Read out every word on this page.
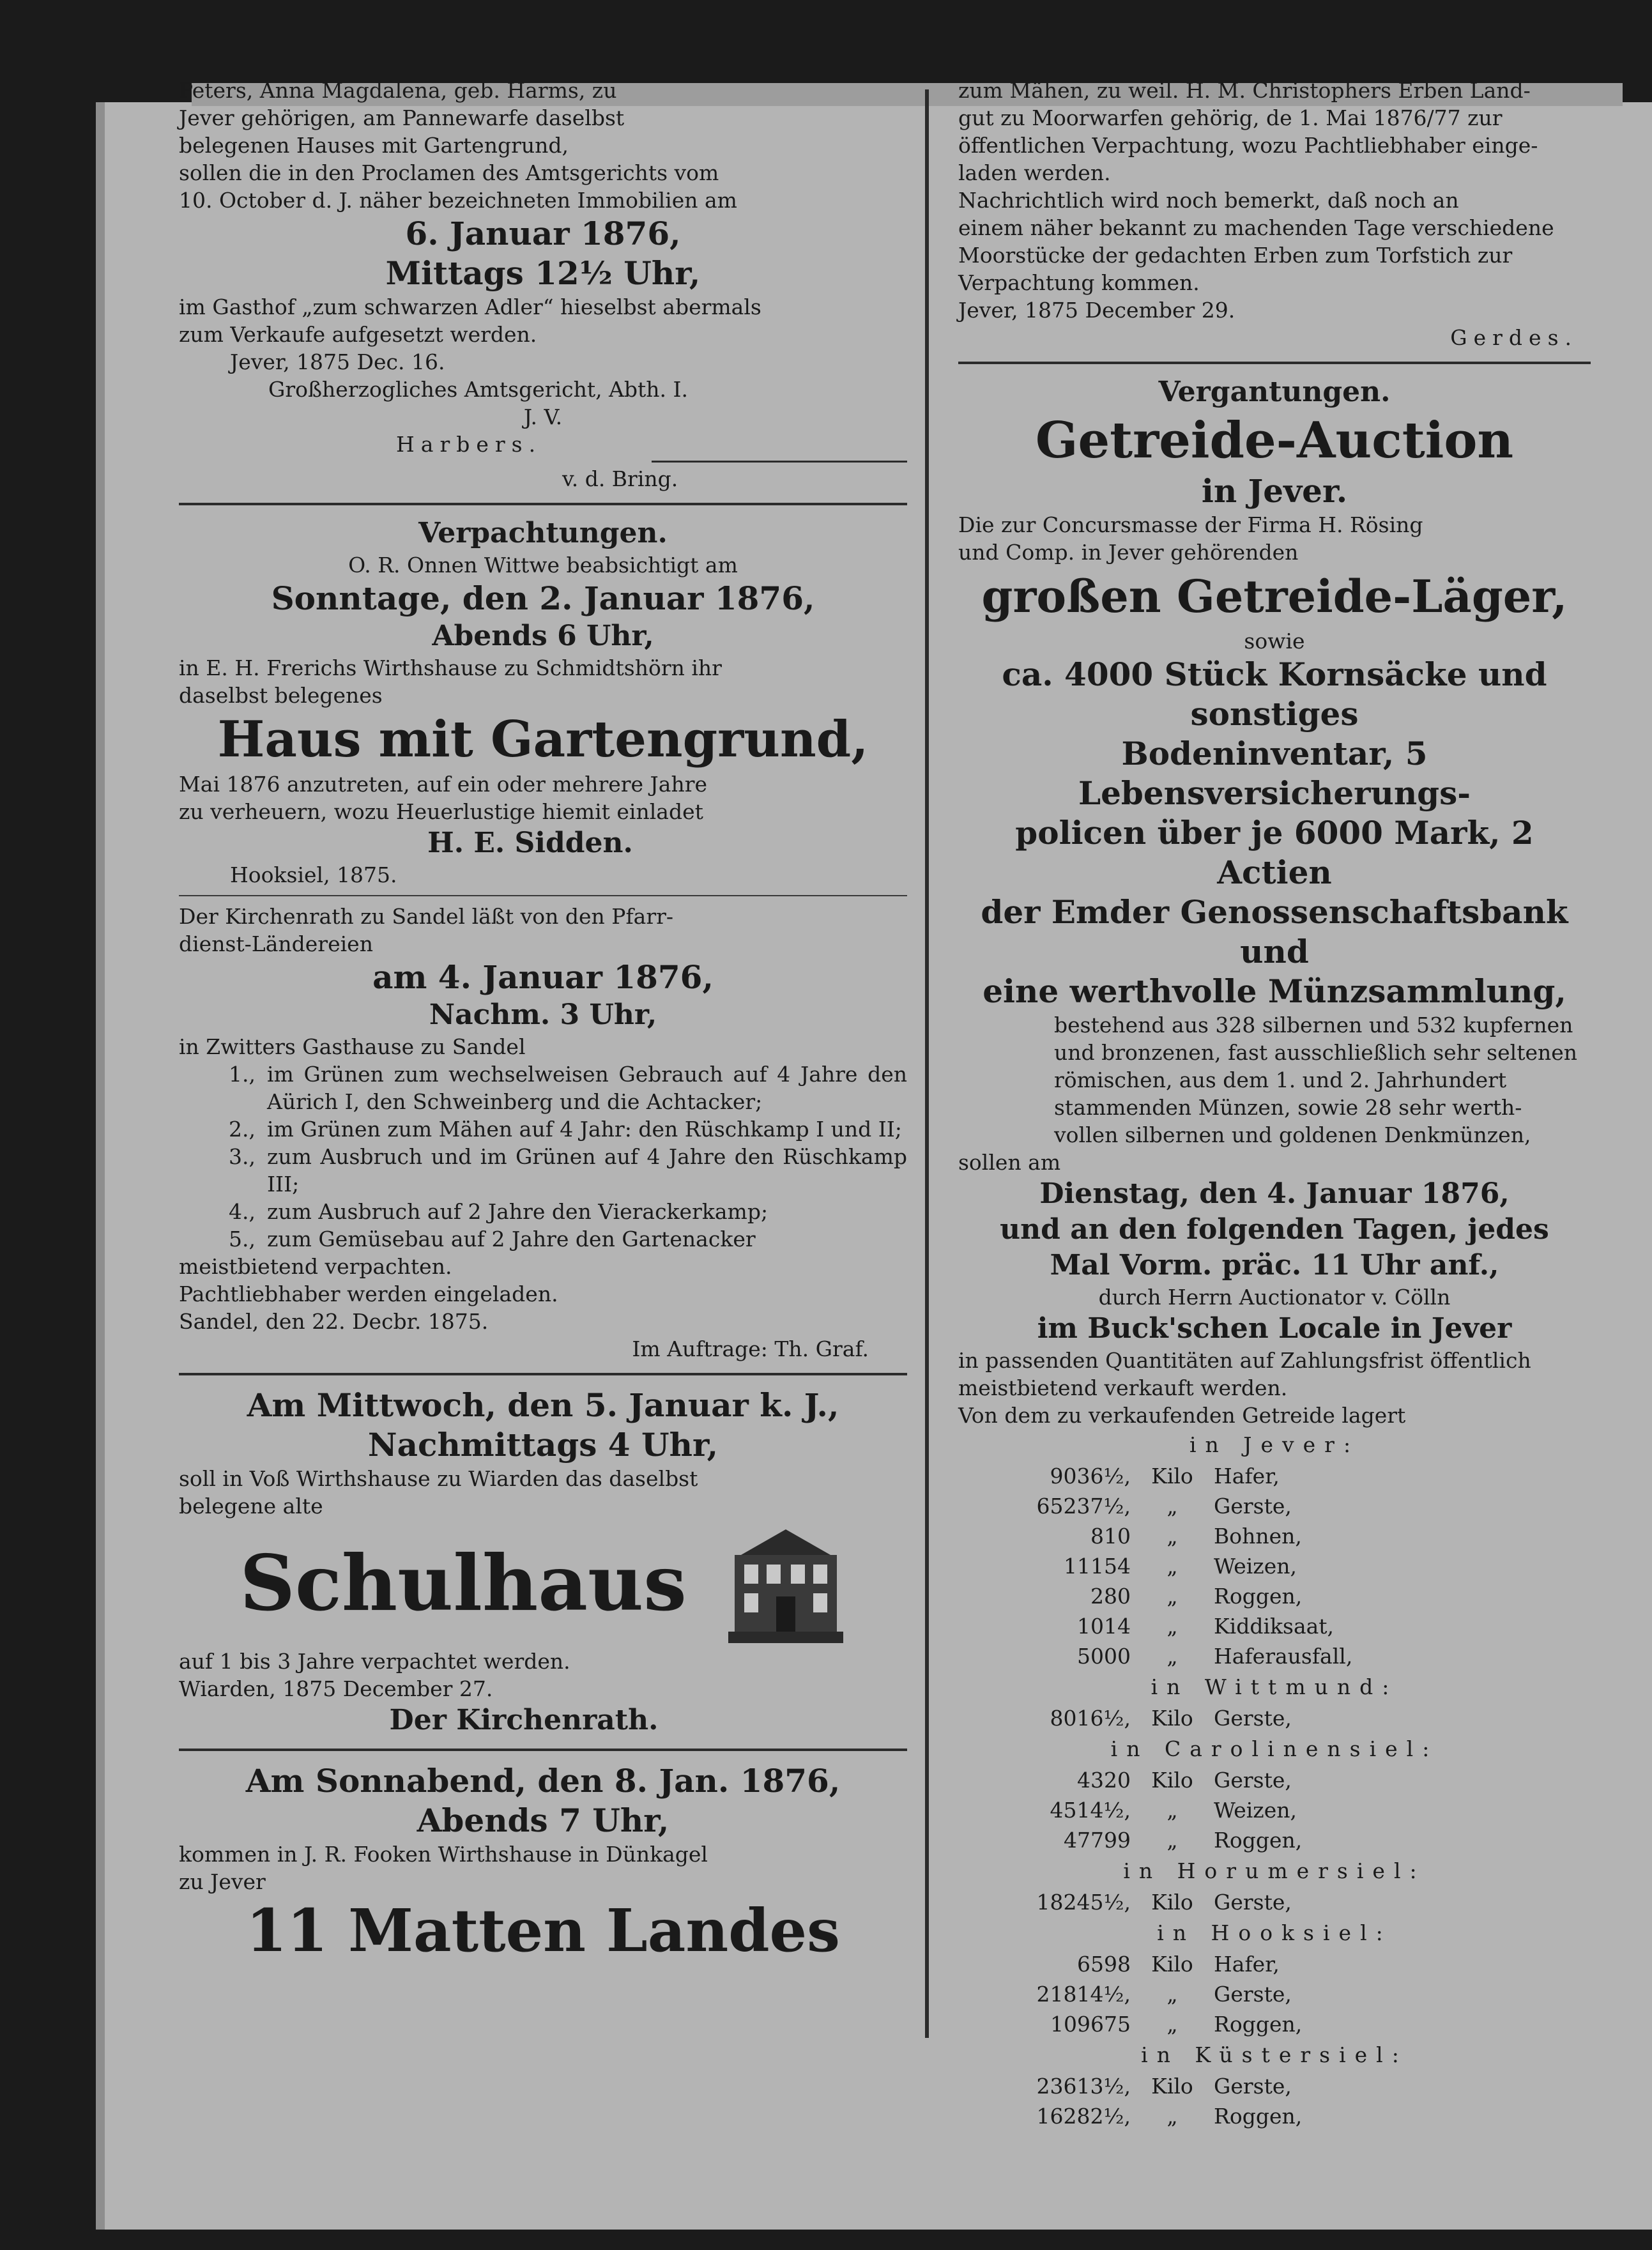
Peters, Anna Magdalena, geb. Harms, zu

Jever gehörigen, am Pannewarfe daselbst

belegenen Hauses mit Gartengrund,

sollen die in den Proclamen des Amtsgerichts vom

10. October d. J. näher bezeichneten Immobilien am

6. Januar 1876,

Mittags 12½ Uhr,

im Gasthof „zum schwarzen Adler“ hieselbst abermals

zum Verkaufe aufgesetzt werden.

Jever, 1875 Dec. 16.

Großherzogliches Amtsgericht, Abth. I.

J. V.

Harbers.

v. d. Bring.

Verpachtungen.

O. R. Onnen Wittwe beabsichtigt am

Sonntage, den 2. Januar 1876,

Abends 6 Uhr,

in E. H. Frerichs Wirthshause zu Schmidtshörn ihr

daselbst belegenes

Haus mit Gartengrund,

Mai 1876 anzutreten, auf ein oder mehrere Jahre

zu verheuern, wozu Heuerlustige hiemit einladet

H. E. Sidden.

Hooksiel, 1875.

Der Kirchenrath zu Sandel läßt von den Pfarr-

dienst-Ländereien

am 4. Januar 1876,

Nachm. 3 Uhr,

in Zwitters Gasthause zu Sandel

1., im Grünen zum wechselweisen Gebrauch auf 4 Jahre den Aürich I, den Schweinberg und die Achtacker;
2., im Grünen zum Mähen auf 4 Jahr: den Rüschkamp I und II;
3., zum Ausbruch und im Grünen auf 4 Jahre den Rüschkamp III;
4., zum Ausbruch auf 2 Jahre den Vierackerkamp;
5., zum Gemüsebau auf 2 Jahre den Gartenacker

meistbietend verpachten.

Pachtliebhaber werden eingeladen.

Sandel, den 22. Decbr. 1875.

Im Auftrage: Th. Graf.

Am Mittwoch, den 5. Januar k. J.,

Nachmittags 4 Uhr,

soll in Voß Wirthshause zu Wiarden das daselbst

belegene alte

Schulhaus

auf 1 bis 3 Jahre verpachtet werden.

Wiarden, 1875 December 27.

Der Kirchenrath.

Am Sonnabend, den 8. Jan. 1876,

Abends 7 Uhr,

kommen in J. R. Fooken Wirthshause in Dünkagel

zu Jever

11 Matten Landes

zum Mähen, zu weil. H. M. Christophers Erben Land-

gut zu Moorwarfen gehörig, de 1. Mai 1876/77 zur

öffentlichen Verpachtung, wozu Pachtliebhaber einge-

laden werden.

Nachrichtlich wird noch bemerkt, daß noch an

einem näher bekannt zu machenden Tage verschiedene

Moorstücke der gedachten Erben zum Torfstich zur

Verpachtung kommen.

Jever, 1875 December 29.

Gerdes.

Vergantungen.

Getreide-Auction

in Jever.

Die zur Concursmasse der Firma H. Rösing

und Comp. in Jever gehörenden

großen Getreide-Läger,

sowie

ca. 4000 Stück Kornsäcke und sonstiges

Bodeninventar, 5 Lebensversicherungs-

policen über je 6000 Mark, 2 Actien

der Emder Genossenschaftsbank und

eine werthvolle Münzsammlung,

bestehend aus 328 silbernen und 532 kupfernen

und bronzenen, fast ausschließlich sehr seltenen

römischen, aus dem 1. und 2. Jahrhundert

stammenden Münzen, sowie 28 sehr werth-

vollen silbernen und goldenen Denkmünzen,

sollen am

Dienstag, den 4. Januar 1876,

und an den folgenden Tagen, jedes

Mal Vorm. präc. 11 Uhr anf.,

durch Herrn Auctionator v. Cölln

im Buck'schen Locale in Jever

in passenden Quantitäten auf Zahlungsfrist öffentlich

meistbietend verkauft werden.

Von dem zu verkaufenden Getreide lagert

in Jever:

9036½, Kilo Hafer,
65237½,	„	Gerste,
810	„	Bohnen,
11154	„	Weizen,
280	„	Roggen,
1014	„	Kiddiksaat,
5000	„	Haferausfall,

in Wittmund:

8016½, Kilo Gerste,

in Carolinensiel:

4320 Kilo Gerste,
4514½,	„	Weizen,
47799	„	Roggen,

in Horumersiel:

18245½, Kilo Gerste,

in Hooksiel:

6598 Kilo Hafer,
21814½,	„	Gerste,
109675	„	Roggen,

in Küstersiel:

23613½, Kilo Gerste,
16282½,	„	Roggen,
